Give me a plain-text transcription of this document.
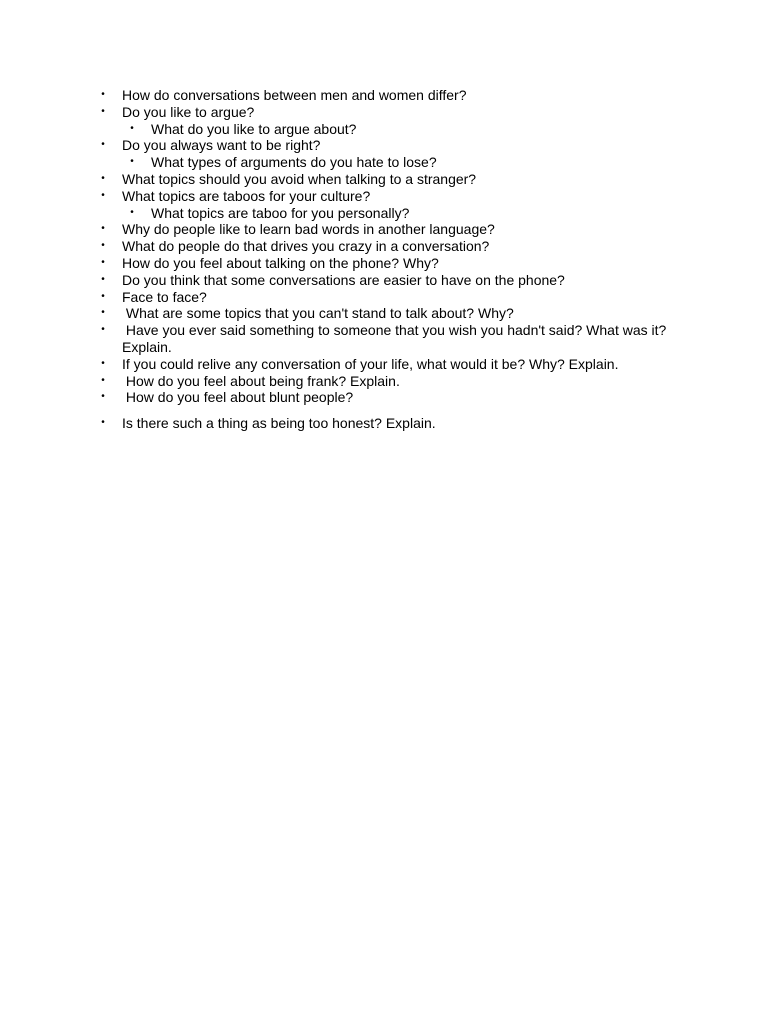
• How do conversations between men and women differ?
• Do you like to argue?
• What do you like to argue about?
• Do you always want to be right?
• What types of arguments do you hate to lose?
• What topics should you avoid when talking to a stranger?
• What topics are taboos for your culture?
• What topics are taboo for you personally?
• Why do people like to learn bad words in another language?
• What do people do that drives you crazy in a conversation?
• How do you feel about talking on the phone? Why?
• Do you think that some conversations are easier to have on the phone?
• Face to face?
• What are some topics that you can't stand to talk about? Why?
• Have you ever said something to someone that you wish you hadn't said? What was it? Explain.
• If you could relive any conversation of your life, what would it be? Why? Explain.
• How do you feel about being frank? Explain.
• How do you feel about blunt people?
• Is there such a thing as being too honest? Explain.
